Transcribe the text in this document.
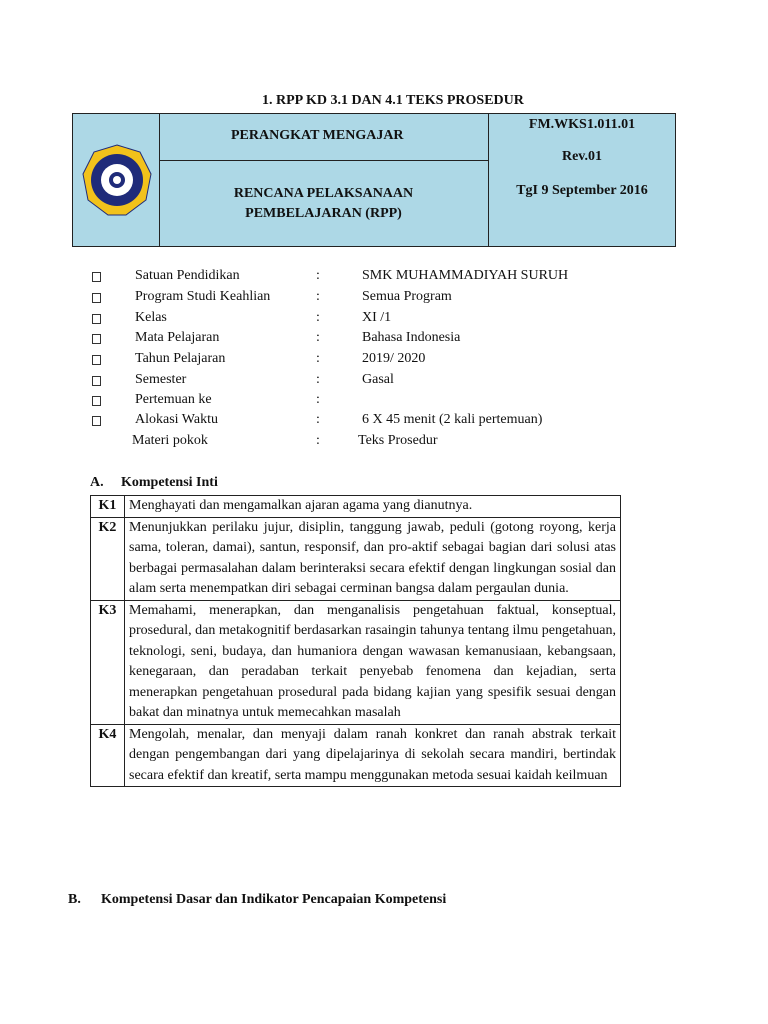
1. RPP KD 3.1 DAN 4.1 TEKS PROSEDUR
PERANGKAT MENGAJAR
RENCANA PELAKSANAAN
PEMBELAJARAN (RPP)
FM.WKS1.011.01
Rev.01
TgI 9 September 2016
Satuan Pendidikan	:	SMK MUHAMMADIYAH SURUH
Program Studi Keahlian	:	Semua Program
Kelas	:	XI /1
Mata Pelajaran	:	Bahasa Indonesia
Tahun Pelajaran	:	2019/ 2020
Semester	:	Gasal
Pertemuan ke	:
Alokasi Waktu	:	6 X 45 menit (2 kali pertemuan)
Materi pokok	:	Teks Prosedur
A. Kompetensi Inti
K1	Menghayati dan mengamalkan ajaran agama yang dianutnya.
K2	Menunjukkan perilaku jujur, disiplin, tanggung jawab, peduli (gotong royong, kerja sama, toleran, damai), santun, responsif, dan pro-aktif sebagai bagian dari solusi atas berbagai permasalahan dalam berinteraksi secara efektif dengan lingkungan sosial dan alam serta menempatkan diri sebagai cerminan bangsa dalam pergaulan dunia.
K3	Memahami, menerapkan, dan menganalisis pengetahuan faktual, konseptual, prosedural, dan metakognitif berdasarkan rasaingin tahunya tentang ilmu pengetahuan, teknologi, seni, budaya, dan humaniora dengan wawasan kemanusiaan, kebangsaan, kenegaraan, dan peradaban terkait penyebab fenomena dan kejadian, serta menerapkan pengetahuan prosedural pada bidang kajian yang spesifik sesuai dengan bakat dan minatnya untuk memecahkan masalah
K4	Mengolah, menalar, dan menyaji dalam ranah konkret dan ranah abstrak terkait dengan pengembangan dari yang dipelajarinya di sekolah secara mandiri, bertindak secara efektif dan kreatif, serta mampu menggunakan metoda sesuai kaidah keilmuan
B. Kompetensi Dasar dan Indikator Pencapaian Kompetensi
